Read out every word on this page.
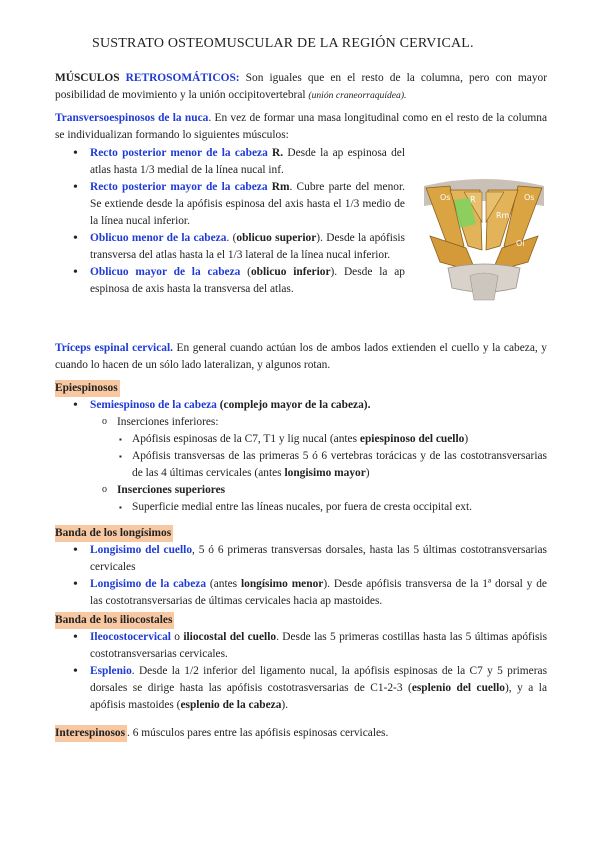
SUSTRATO OSTEOMUSCULAR DE LA REGIÓN CERVICAL.

MÚSCULOS RETROSOMÁTICOS: Son iguales que en el resto de la columna, pero con mayor posibilidad de movimiento y la unión occipitovertebral (unión craneorraquídea).

Transversoespinosos de la nuca. En vez de formar una masa longitudinal como en el resto de la columna se individualizan formando lo siguientes músculos:

• Recto posterior menor de la cabeza R. Desde la ap espinosa del atlas hasta 1/3 medial de la línea nucal inf.
• Recto posterior mayor de la cabeza Rm. Cubre parte del menor. Se extiende desde la apófisis espinosa del axis hasta el 1/3 medio de la línea nucal inferior.
• Oblicuo menor de la cabeza. (oblicuo superior). Desde la apófisis transversa del atlas hasta la el 1/3 lateral de la línea nucal inferior.
• Oblicuo mayor de la cabeza (oblicuo inferior). Desde la ap espinosa de axis hasta la transversa del atlas.
Os R
Rm
Oi
Os

Tríceps espinal cervical. En general cuando actúan los de ambos lados extienden el cuello y la cabeza, y cuando lo hacen de un sólo lado lateralizan, y algunos rotan.

Epiespinosos
• Semiespinoso de la cabeza (complejo mayor de la cabeza).
o Inserciones inferiores:
▪ Apófisis espinosas de la C7, T1 y lig nucal (antes epiespinoso del cuello)
▪ Apófisis transversas de las primeras 5 ó 6 vertebras torácicas y de las costotransversarias de las 4 últimas cervicales (antes longisimo mayor)
o Inserciones superiores
▪ Superficie medial entre las líneas nucales, por fuera de cresta occipital ext.
Banda de los longísimos
• Longisimo del cuello, 5 ó 6 primeras transversas dorsales, hasta las 5 últimas costotransversarias cervicales
• Longisimo de la cabeza (antes longísimo menor). Desde apófisis transversa de la 1ª dorsal y de las costotransversarias de últimas cervicales hacia ap mastoides.
Banda de los iliocostales
• Ileocostocervical o iliocostal del cuello. Desde las 5 primeras costillas hasta las 5 últimas apófisis costotransversarias cervicales.
• Esplenio. Desde la 1/2 inferior del ligamento nucal, la apófisis espinosas de la C7 y 5 primeras dorsales se dirige hasta las apófisis costotrasversarias de C1-2-3 (esplenio del cuello), y a la apófisis mastoides (esplenio de la cabeza).

Interespinosos . 6 músculos pares entre las apófisis espinosas cervicales.
